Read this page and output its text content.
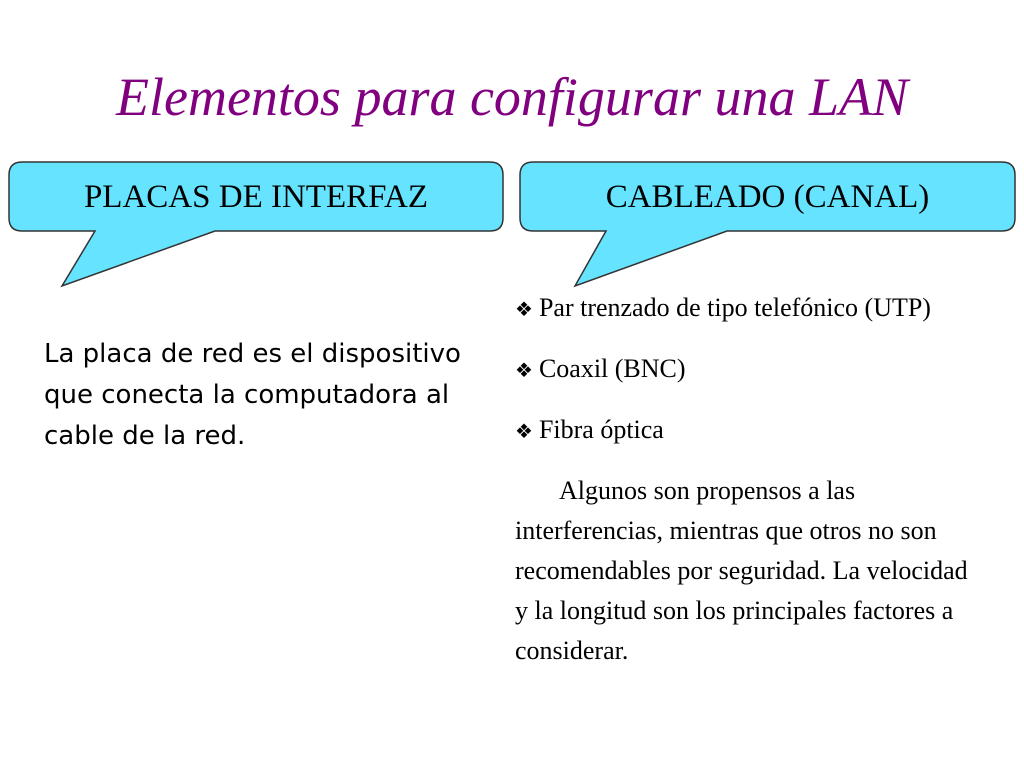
Elementos para configurar una LAN
PLACAS DE INTERFAZ	CABLEADO (CANAL)
La placa de red es el dispositivo que conecta la computadora al cable de la red.
❖ Par trenzado de tipo telefónico (UTP)
❖ Coaxil (BNC)
❖ Fibra óptica

Algunos son propensos a las interferencias, mientras que otros no son recomendables por seguridad. La velocidad y la longitud son los principales factores a considerar.
